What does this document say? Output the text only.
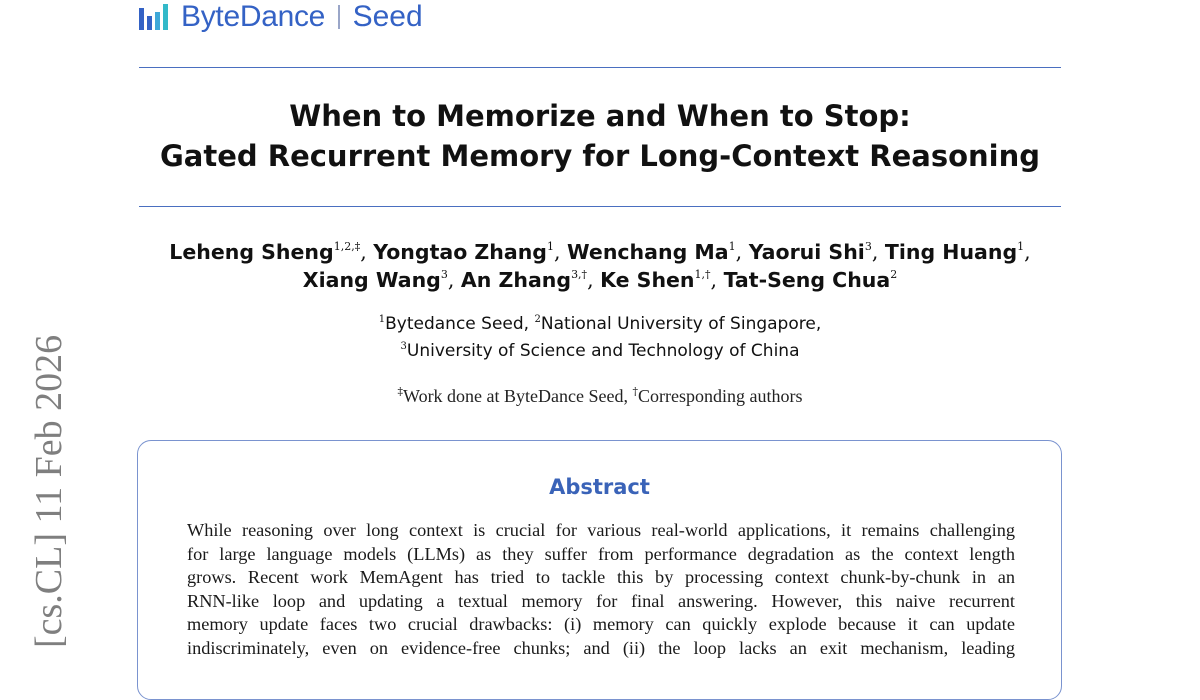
ByteDance Seed
When to Memorize and When to Stop:
Gated Recurrent Memory for Long-Context Reasoning
Leheng Sheng$^{1,2,\ddagger}$, Yongtao Zhang$^1$, Wenchang Ma$^1$, Yaorui Shi$^3$, Ting Huang$^1$,
Xiang Wang$^3$, An Zhang$^{3,\dagger}$, Ke Shen$^{1,\dagger}$, Tat-Seng Chua$^2$
$^1$Bytedance Seed, $^2$National University of Singapore,
$^3$University of Science and Technology of China
‡Work done at ByteDance Seed, †Corresponding authors
Abstract
While reasoning over long context is crucial for various real-world applications, it remains challenging
for large language models (LLMs) as they suffer from performance degradation as the context length
grows. Recent work MemAgent has tried to tackle this by processing context chunk-by-chunk in an
RNN-like loop and updating a textual memory for final answering. However, this naive recurrent
memory update faces two crucial drawbacks: (i) memory can quickly explode because it can update
indiscriminately, even on evidence-free chunks; and (ii) the loop lacks an exit mechanism, leading
[cs.CL] 11 Feb 2026
